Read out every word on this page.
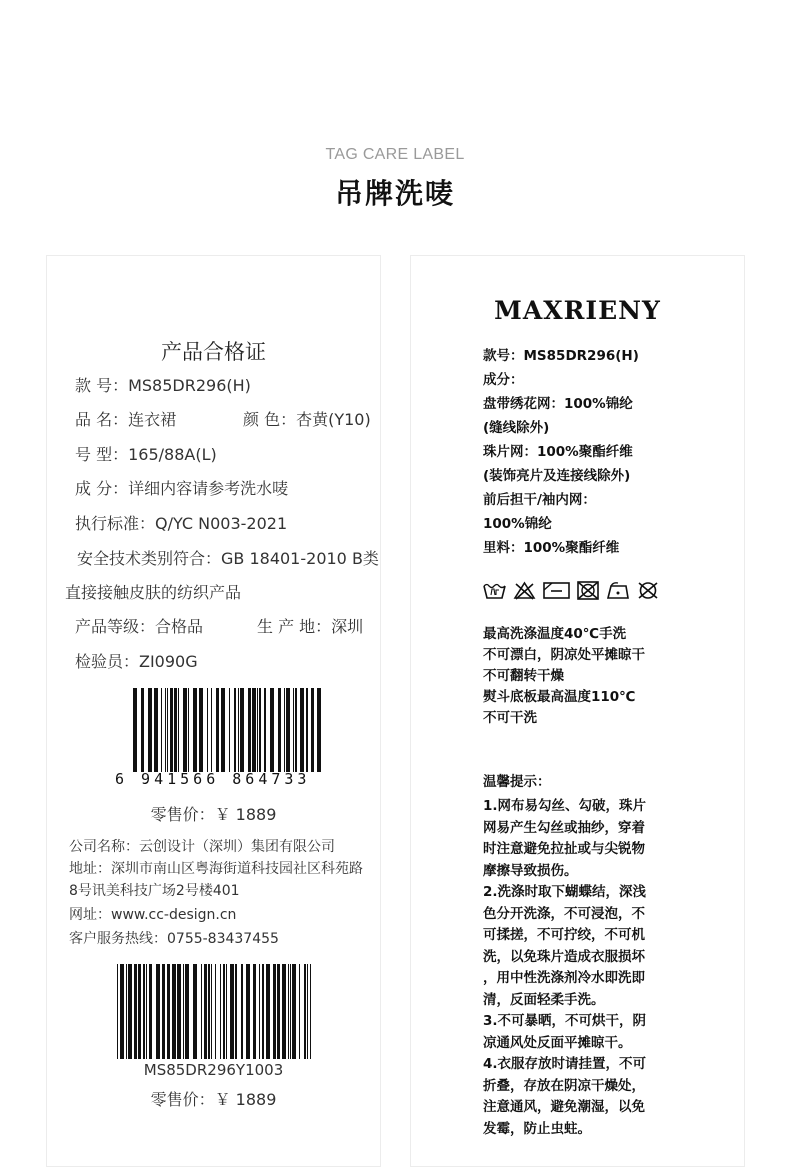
TAG CARE LABEL
吊牌洗唛
产品合格证
款 号：MS85DR296(H)
品 名：连衣裙	颜 色：杏黄(Y10)
号 型：165/88A(L)
成 分：详细内容请参考洗水唛
执行标准：Q/YC N003-2021
安全技术类别符合：GB 18401-2010 B类
直接接触皮肤的纺织产品
产品等级：合格品	生 产 地：深圳
检验员：ZI090G
6 941566 864733
零售价：￥ 1889
公司名称：云创设计（深圳）集团有限公司
地址：深圳市南山区粤海街道科技园社区科苑路8号讯美科技广场2号楼401
网址：www.cc-design.cn
客户服务热线：0755-83437455
MS85DR296Y1003
零售价：￥ 1889
MAXRIENY
款号：MS85DR296(H)
成分：
盘带绣花网：100%锦纶
(缝线除外)
珠片网：100%聚酯纤维
(装饰亮片及连接线除外)
前后担干/袖内网：
100%锦纶
里料：100%聚酯纤维
最高洗涤温度40℃手洗
不可漂白，阴凉处平摊晾干
不可翻转干燥
熨斗底板最高温度110℃
不可干洗
温馨提示：
1.网布易勾丝、勾破，珠片
网易产生勾丝或抽纱，穿着
时注意避免拉扯或与尖锐物
摩擦导致损伤。
2.洗涤时取下蝴蝶结，深浅
色分开洗涤，不可浸泡，不
可揉搓，不可拧绞，不可机
洗，以免珠片造成衣服损坏
，用中性洗涤剂冷水即洗即
清，反面轻柔手洗。
3.不可暴晒，不可烘干，阴
凉通风处反面平摊晾干。
4.衣服存放时请挂置，不可
折叠，存放在阴凉干燥处，
注意通风，避免潮湿，以免
发霉，防止虫蛀。
